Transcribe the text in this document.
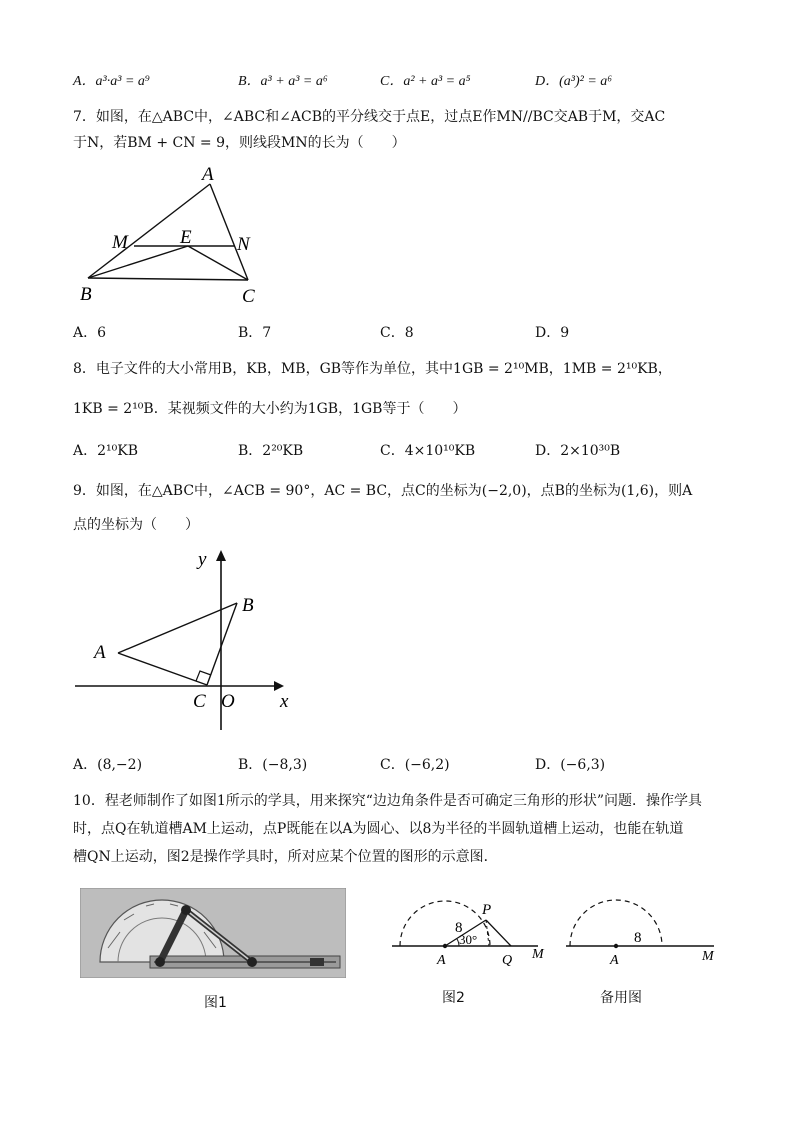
A．a³·a³ = a⁹	B．a³ + a³ = a⁶	C．a² + a³ = a⁵	D．(a³)² = a⁶
7．如图，在△ABC中，∠ABC和∠ACB的平分线交于点E，过点E作MN//BC交AB于M，交AC
于N，若BM + CN = 9，则线段MN的长为（　　）
A
M	E N
B	C
A．6	B．7	C．8	D．9
8．电子文件的大小常用B，KB，MB，GB等作为单位，其中1GB = 2¹⁰MB，1MB = 2¹⁰KB，
1KB = 2¹⁰B．某视频文件的大小约为1GB，1GB等于（　　）
A．2¹⁰KB	B．2²⁰KB	C．4×10¹⁰KB	D．2×10³⁰B
9．如图，在△ABC中，∠ACB = 90°，AC = BC，点C的坐标为(−2,0)，点B的坐标为(1,6)，则A
点的坐标为（　　）
y
x
A
B
C O
A．(8,−2)	B．(−8,3)	C．(−6,2)	D．(−6,3)
10．程老师制作了如图1所示的学具，用来探究“边边角条件是否可确定三角形的形状”问题．操作学具
时，点Q在轨道槽AM上运动，点P既能在以A为圆心、以8为半径的半圆轨道槽上运动，也能在轨道
槽QN上运动，图2是操作学具时，所对应某个位置的图形的示意图．
P
8
30°
A	Q M
8
A	M
图1	图2	备用图
